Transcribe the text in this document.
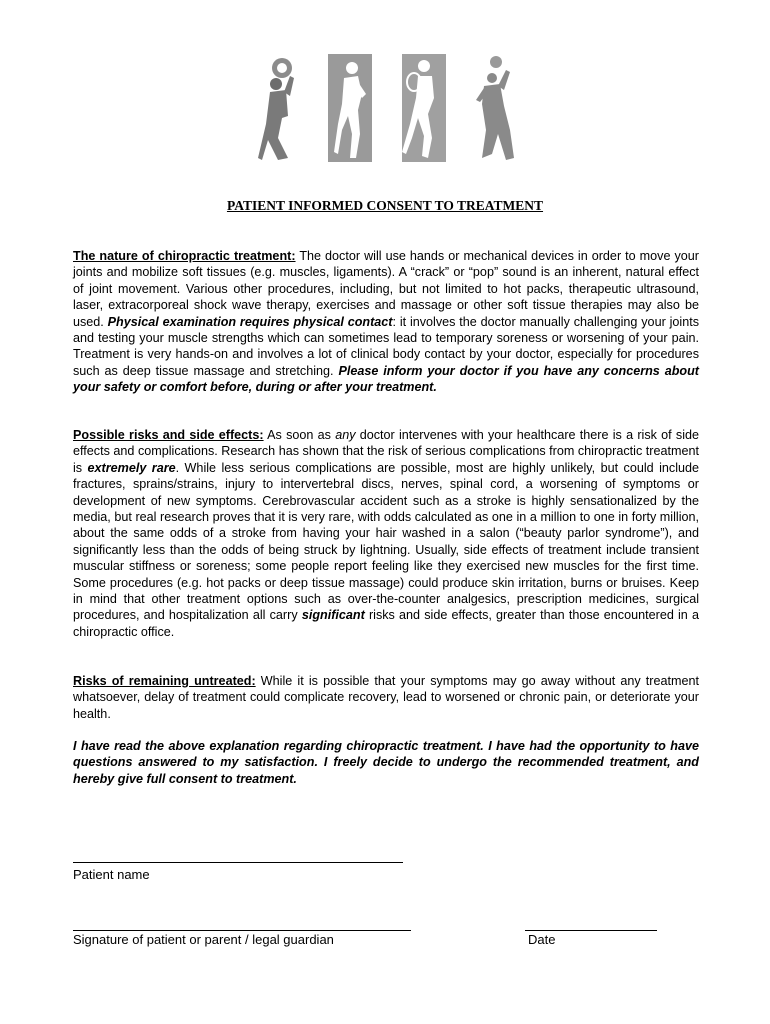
PATIENT INFORMED CONSENT TO TREATMENT

The nature of chiropractic treatment: The doctor will use hands or mechanical devices in order to move your joints and mobilize soft tissues (e.g. muscles, ligaments). A “crack” or “pop” sound is an inherent, natural effect of joint movement. Various other procedures, including, but not limited to hot packs, therapeutic ultrasound, laser, extracorporeal shock wave therapy, exercises and massage or other soft tissue therapies may also be used. Physical examination requires physical contact: it involves the doctor manually challenging your joints and testing your muscle strengths which can sometimes lead to temporary soreness or worsening of your pain. Treatment is very hands-on and involves a lot of clinical body contact by your doctor, especially for procedures such as deep tissue massage and stretching. Please inform your doctor if you have any concerns about your safety or comfort before, during or after your treatment.

Possible risks and side effects: As soon as any doctor intervenes with your healthcare there is a risk of side effects and complications. Research has shown that the risk of serious complications from chiropractic treatment is extremely rare. While less serious complications are possible, most are highly unlikely, but could include fractures, sprains/strains, injury to intervertebral discs, nerves, spinal cord, a worsening of symptoms or development of new symptoms. Cerebrovascular accident such as a stroke is highly sensationalized by the media, but real research proves that it is very rare, with odds calculated as one in a million to one in forty million, about the same odds of a stroke from having your hair washed in a salon (“beauty parlor syndrome”), and significantly less than the odds of being struck by lightning. Usually, side effects of treatment include transient muscular stiffness or soreness; some people report feeling like they exercised new muscles for the first time. Some procedures (e.g. hot packs or deep tissue massage) could produce skin irritation, burns or bruises. Keep in mind that other treatment options such as over-the-counter analgesics, prescription medicines, surgical procedures, and hospitalization all carry significant risks and side effects, greater than those encountered in a chiropractic office.

Risks of remaining untreated: While it is possible that your symptoms may go away without any treatment whatsoever, delay of treatment could complicate recovery, lead to worsened or chronic pain, or deteriorate your health.

I have read the above explanation regarding chiropractic treatment. I have had the opportunity to have questions answered to my satisfaction. I freely decide to undergo the recommended treatment, and hereby give full consent to treatment.

Patient name
Signature of patient or parent / legal guardian	Date
